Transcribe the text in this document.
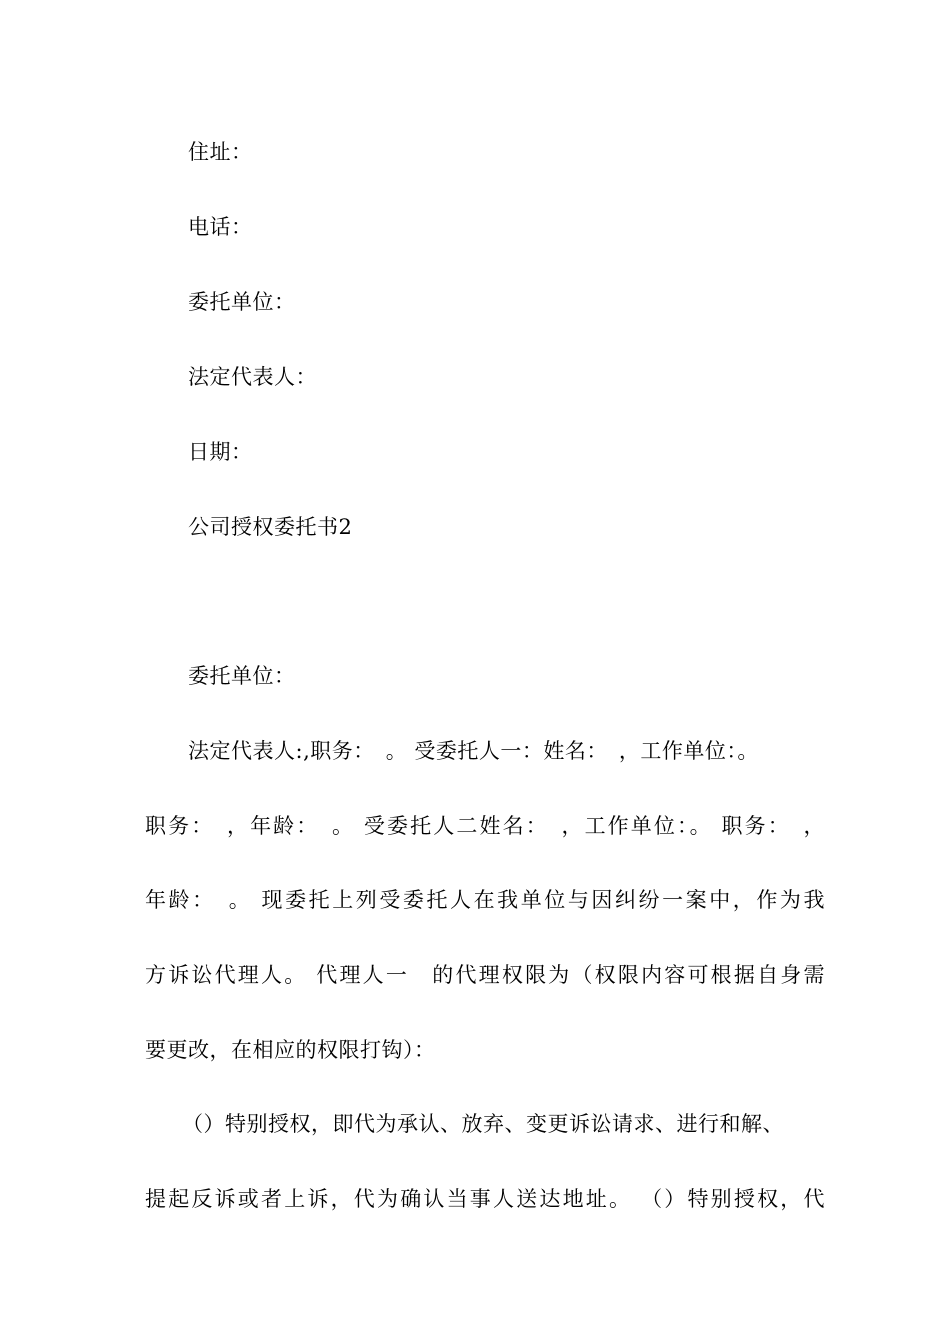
住址：
电话：
委托单位：
法定代表人：
日期：
公司授权委托书2
委托单位：
法定代表人:,职务：　。 受委托人一：姓名：　，工作单位：。
职务：　，年龄：　。 受委托人二姓名：　，工作单位：。 职务：　，
年龄：　。 现委托上列受委托人在我单位与因纠纷一案中，作为我
方诉讼代理人。 代理人一　的代理权限为（权限内容可根据自身需
要更改，在相应的权限打钩）：
（）特别授权，即代为承认、放弃、变更诉讼请求、进行和解、
提起反诉或者上诉，代为确认当事人送达地址。 （）特别授权，代
